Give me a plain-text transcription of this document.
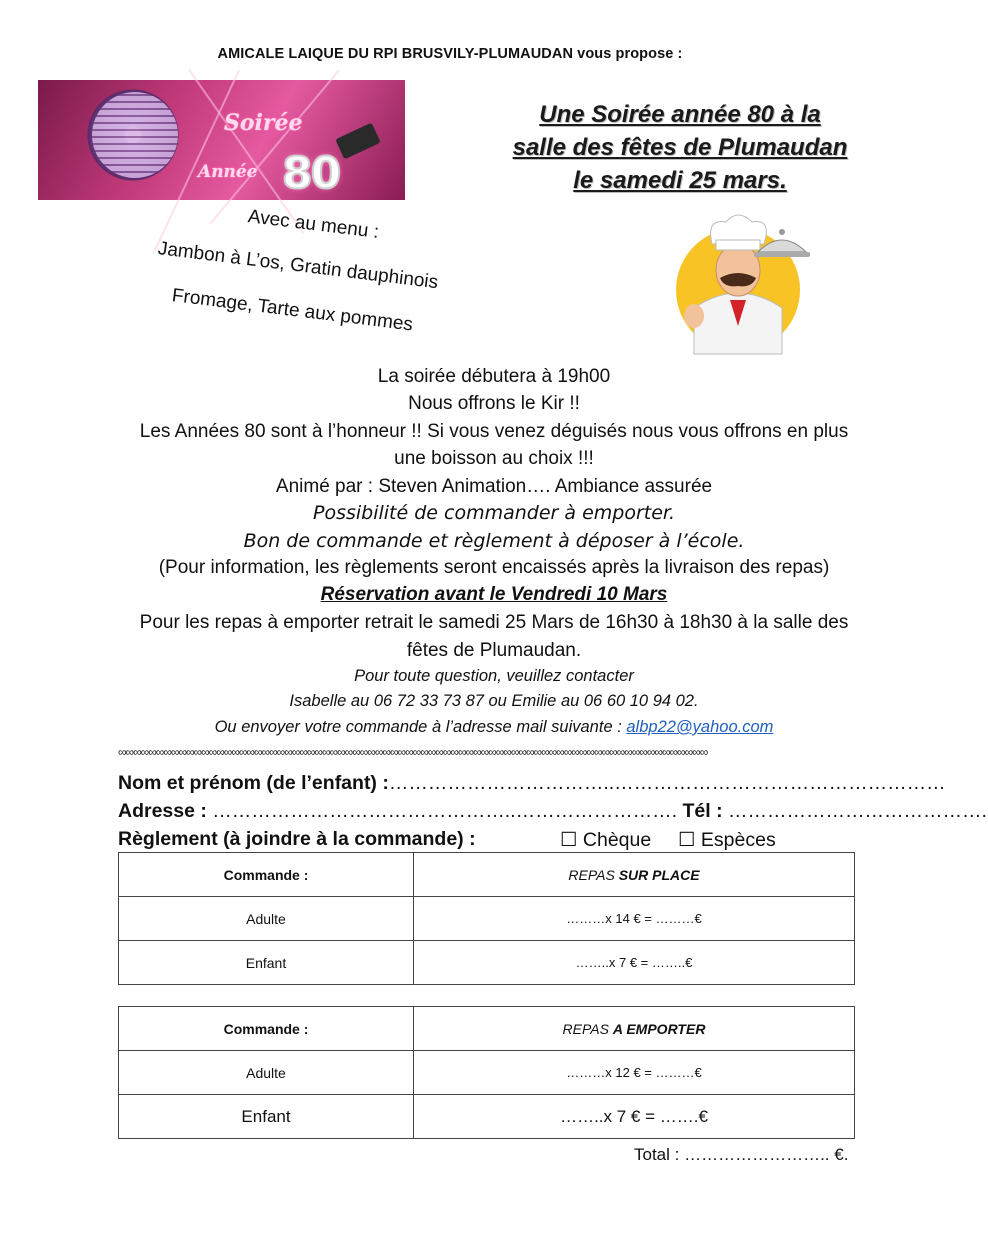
AMICALE LAIQUE DU RPI BRUSVILY-PLUMAUDAN vous propose :
Soirée
Année 80
Une Soirée année 80 à la
salle des fêtes de Plumaudan
le samedi 25 mars.
Avec au menu :
Jambon à L’os, Gratin dauphinois
Fromage, Tarte aux pommes
La soirée débutera à 19h00
Nous offrons le Kir !!
Les Années 80 sont à l’honneur !! Si vous venez déguisés nous vous offrons en plus
une boisson au choix !!!
Animé par : Steven Animation…. Ambiance assurée
Possibilité de commander à emporter.
Bon de commande et règlement à déposer à l’école.
(Pour information, les règlements seront encaissés après la livraison des repas)
Réservation avant le Vendredi 10 Mars
Pour les repas à emporter retrait le samedi 25 Mars de 16h30 à 18h30 à la salle des
fêtes de Plumaudan.
Pour toute question, veuillez contacter
Isabelle au 06 72 33 73 87 ou Emilie au 06 60 10 94 02.
Ou envoyer votre commande à l’adresse mail suivante : albp22@yahoo.com
∞∞∞∞∞∞∞∞∞∞∞∞∞∞∞∞∞∞∞∞∞∞∞∞∞∞∞∞∞∞∞∞∞∞∞∞∞∞∞∞∞∞∞∞∞∞∞∞∞∞∞∞∞∞∞∞∞∞∞∞∞∞∞∞∞∞∞∞∞∞∞∞∞∞∞∞∞∞
Nom et prénom (de l’enfant) :……………………………..……………………………………………
Adresse : ………………………………………..……………………. Tél : ………………………………….
Règlement (à joindre à la commande) :	☐ Chèque ☐ Espèces
Commande :	REPAS SUR PLACE
Adulte	………x 14 € = ………€
Enfant	……..x 7 € = ……..€
Commande :	REPAS A EMPORTER
Adulte	………x 12 € = ………€
Enfant	……..x 7 € = …….€
Total : …………………….. €.
